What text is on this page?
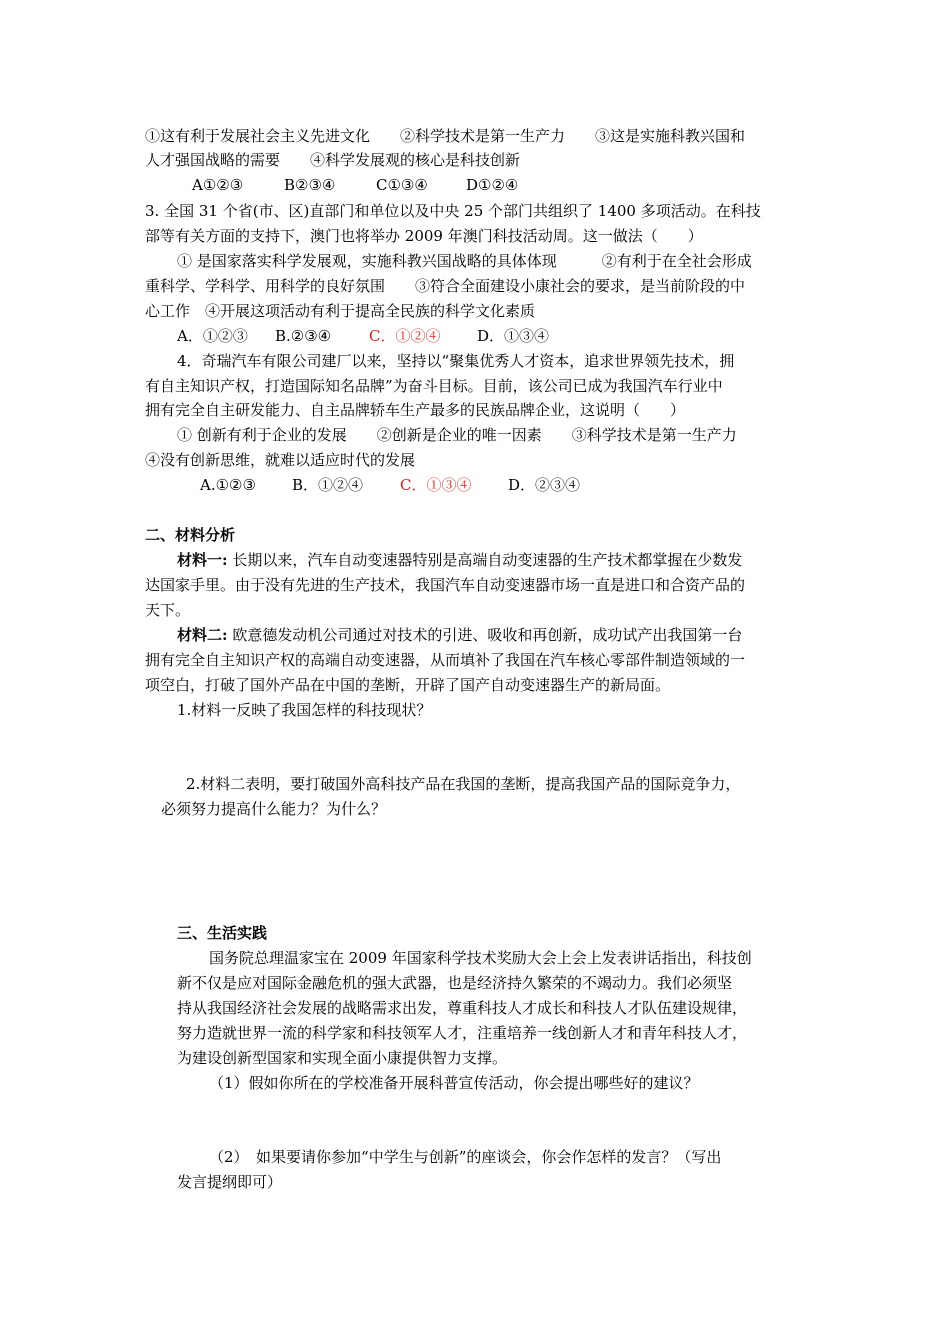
①这有利于发展社会主义先进文化　　②科学技术是第一生产力　　③这是实施科教兴国和
人才强国战略的需要　　④科学发展观的核心是科技创新
A①②③	B②③④	C①③④	D①②④
3. 全国 31 个省(市、区)直部门和单位以及中央 25 个部门共组织了 1400 多项活动。在科技
部等有关方面的支持下，澳门也将举办 2009 年澳门科技活动周。这一做法（　　）
① 是国家落实科学发展观，实施科教兴国战略的具体体现　　　②有利于在全社会形成
重科学、学科学、用科学的良好氛围　　③符合全面建设小康社会的要求，是当前阶段的中
心工作　④开展这项活动有利于提高全民族的科学文化素质
A．①②③ B.②③④	C．①②④ D．①③④
4．奇瑞汽车有限公司建厂以来，坚持以“聚集优秀人才资本，追求世界领先技术，拥
有自主知识产权，打造国际知名品牌”为奋斗目标。目前，该公司已成为我国汽车行业中
拥有完全自主研发能力、自主品牌轿车生产最多的民族品牌企业，这说明（　　）
① 创新有利于企业的发展　　②创新是企业的唯一因素　　③科学技术是第一生产力
④没有创新思维，就难以适应时代的发展
A.①②③ B．①②④ C．①③④ D．②③④
二、材料分析
材料一: 长期以来，汽车自动变速器特别是高端自动变速器的生产技术都掌握在少数发
达国家手里。由于没有先进的生产技术，我国汽车自动变速器市场一直是进口和合资产品的
天下。
材料二: 欧意德发动机公司通过对技术的引进、吸收和再创新，成功试产出我国第一台
拥有完全自主知识产权的高端自动变速器，从而填补了我国在汽车核心零部件制造领域的一
项空白，打破了国外产品在中国的垄断，开辟了国产自动变速器生产的新局面。
1.材料一反映了我国怎样的科技现状？
2.材料二表明，要打破国外高科技产品在我国的垄断，提高我国产品的国际竞争力，
必须努力提高什么能力？为什么？
三、生活实践
国务院总理温家宝在 2009 年国家科学技术奖励大会上会上发表讲话指出，科技创
新不仅是应对国际金融危机的强大武器，也是经济持久繁荣的不竭动力。我们必须坚
持从我国经济社会发展的战略需求出发，尊重科技人才成长和科技人才队伍建设规律，
努力造就世界一流的科学家和科技领军人才，注重培养一线创新人才和青年科技人才，
为建设创新型国家和实现全面小康提供智力支撑。
（1）假如你所在的学校准备开展科普宣传活动，你会提出哪些好的建议？
（2）　如果要请你参加“中学生与创新”的座谈会，你会作怎样的发言？（写出
发言提纲即可）
